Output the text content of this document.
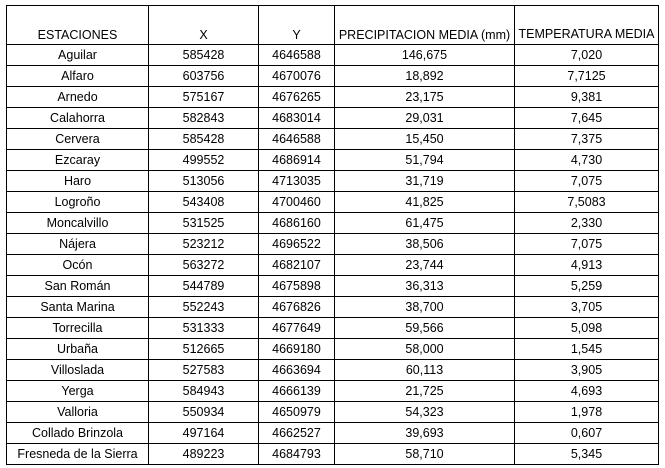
ESTACIONES	X	Y	PRECIPITACION MEDIA (mm)	TEMPERATURA MEDIA
Aguilar	585428	4646588	146,675	7,020
Alfaro	603756	4670076	18,892	7,7125
Arnedo	575167	4676265	23,175	9,381
Calahorra	582843	4683014	29,031	7,645
Cervera	585428	4646588	15,450	7,375
Ezcaray	499552	4686914	51,794	4,730
Haro	513056	4713035	31,719	7,075
Logroño	543408	4700460	41,825	7,5083
Moncalvillo	531525	4686160	61,475	2,330
Nájera	523212	4696522	38,506	7,075
Ocón	563272	4682107	23,744	4,913
San Román	544789	4675898	36,313	5,259
Santa Marina	552243	4676826	38,700	3,705
Torrecilla	531333	4677649	59,566	5,098
Urbaña	512665	4669180	58,000	1,545
Villoslada	527583	4663694	60,113	3,905
Yerga	584943	4666139	21,725	4,693
Valloria	550934	4650979	54,323	1,978
Collado Brinzola	497164	4662527	39,693	0,607
Fresneda de la Sierra	489223	4684793	58,710	5,345
